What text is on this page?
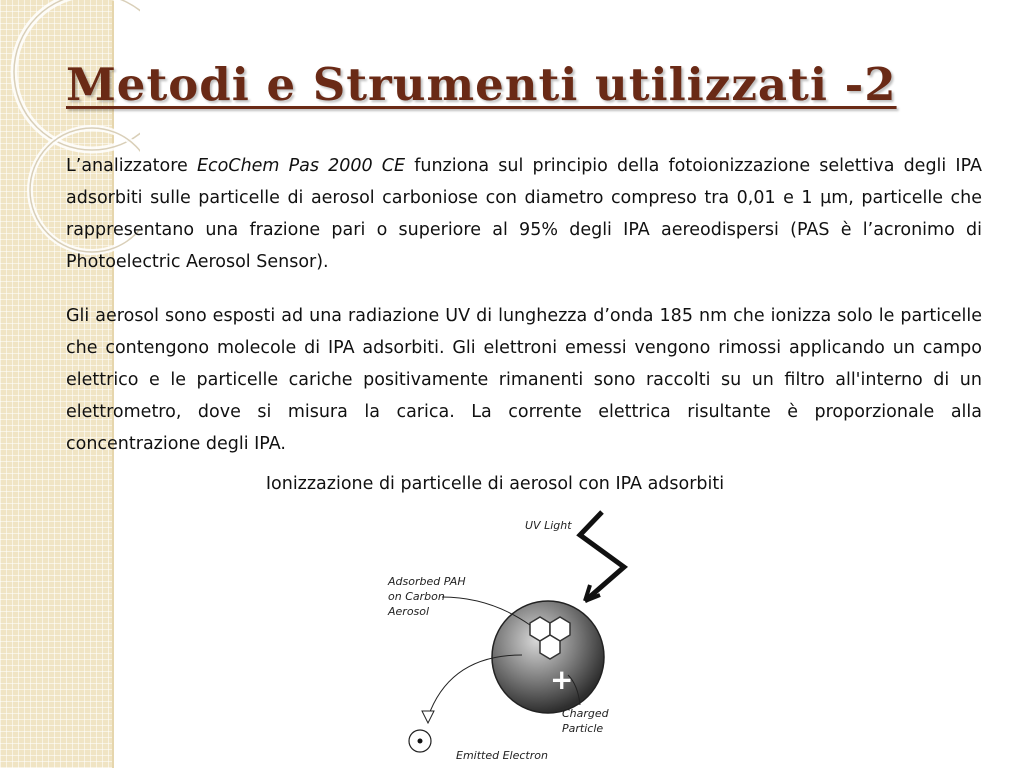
Metodi e Strumenti utilizzati -2

L’analizzatore EcoChem Pas 2000 CE funziona sul principio della fotoionizzazione selettiva degli IPA adsorbiti sulle particelle di aerosol carboniose con diametro compreso tra 0,01 e 1 µm, particelle che rappresentano una frazione pari o superiore al 95% degli IPA aereodispersi (PAS è l’acronimo di Photoelectric Aerosol Sensor).

Gli aerosol sono esposti ad una radiazione UV di lunghezza d’onda 185 nm che ionizza solo le particelle che contengono molecole di IPA adsorbiti. Gli elettroni emessi vengono rimossi applicando un campo elettrico e le particelle cariche positivamente rimanenti sono raccolti su un filtro all'interno di un elettrometro, dove si misura la carica. La corrente elettrica risultante è proporzionale alla concentrazione degli IPA.

Ionizzazione di particelle di aerosol con IPA adsorbiti

UV Light
+
Adsorbed PAH
on Carbon
Aerosol
Charged
Particle
Emitted Electron
